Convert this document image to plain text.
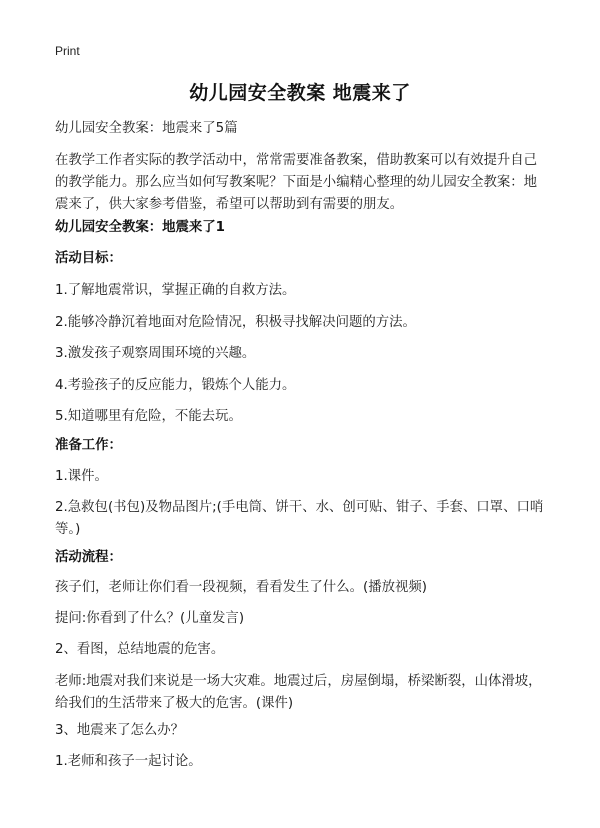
Print
幼儿园安全教案 地震来了
幼儿园安全教案：地震来了5篇
在教学工作者实际的教学活动中，常常需要准备教案，借助教案可以有效提升自己的教学能力。那么应当如何写教案呢？下面是小编精心整理的幼儿园安全教案：地震来了，供大家参考借鉴，希望可以帮助到有需要的朋友。
幼儿园安全教案：地震来了1
活动目标：
1.了解地震常识，掌握正确的自救方法。
2.能够冷静沉着地面对危险情况，积极寻找解决问题的方法。
3.激发孩子观察周围环境的兴趣。
4.考验孩子的反应能力，锻炼个人能力。
5.知道哪里有危险，不能去玩。
准备工作：
1.课件。
2.急救包(书包)及物品图片;(手电筒、饼干、水、创可贴、钳子、手套、口罩、口哨等。)
活动流程：
孩子们，老师让你们看一段视频，看看发生了什么。(播放视频)
提问:你看到了什么？(儿童发言)
2、看图，总结地震的危害。
老师:地震对我们来说是一场大灾难。地震过后，房屋倒塌，桥梁断裂，山体滑坡，给我们的生活带来了极大的危害。(课件)
3、地震来了怎么办？
1.老师和孩子一起讨论。
